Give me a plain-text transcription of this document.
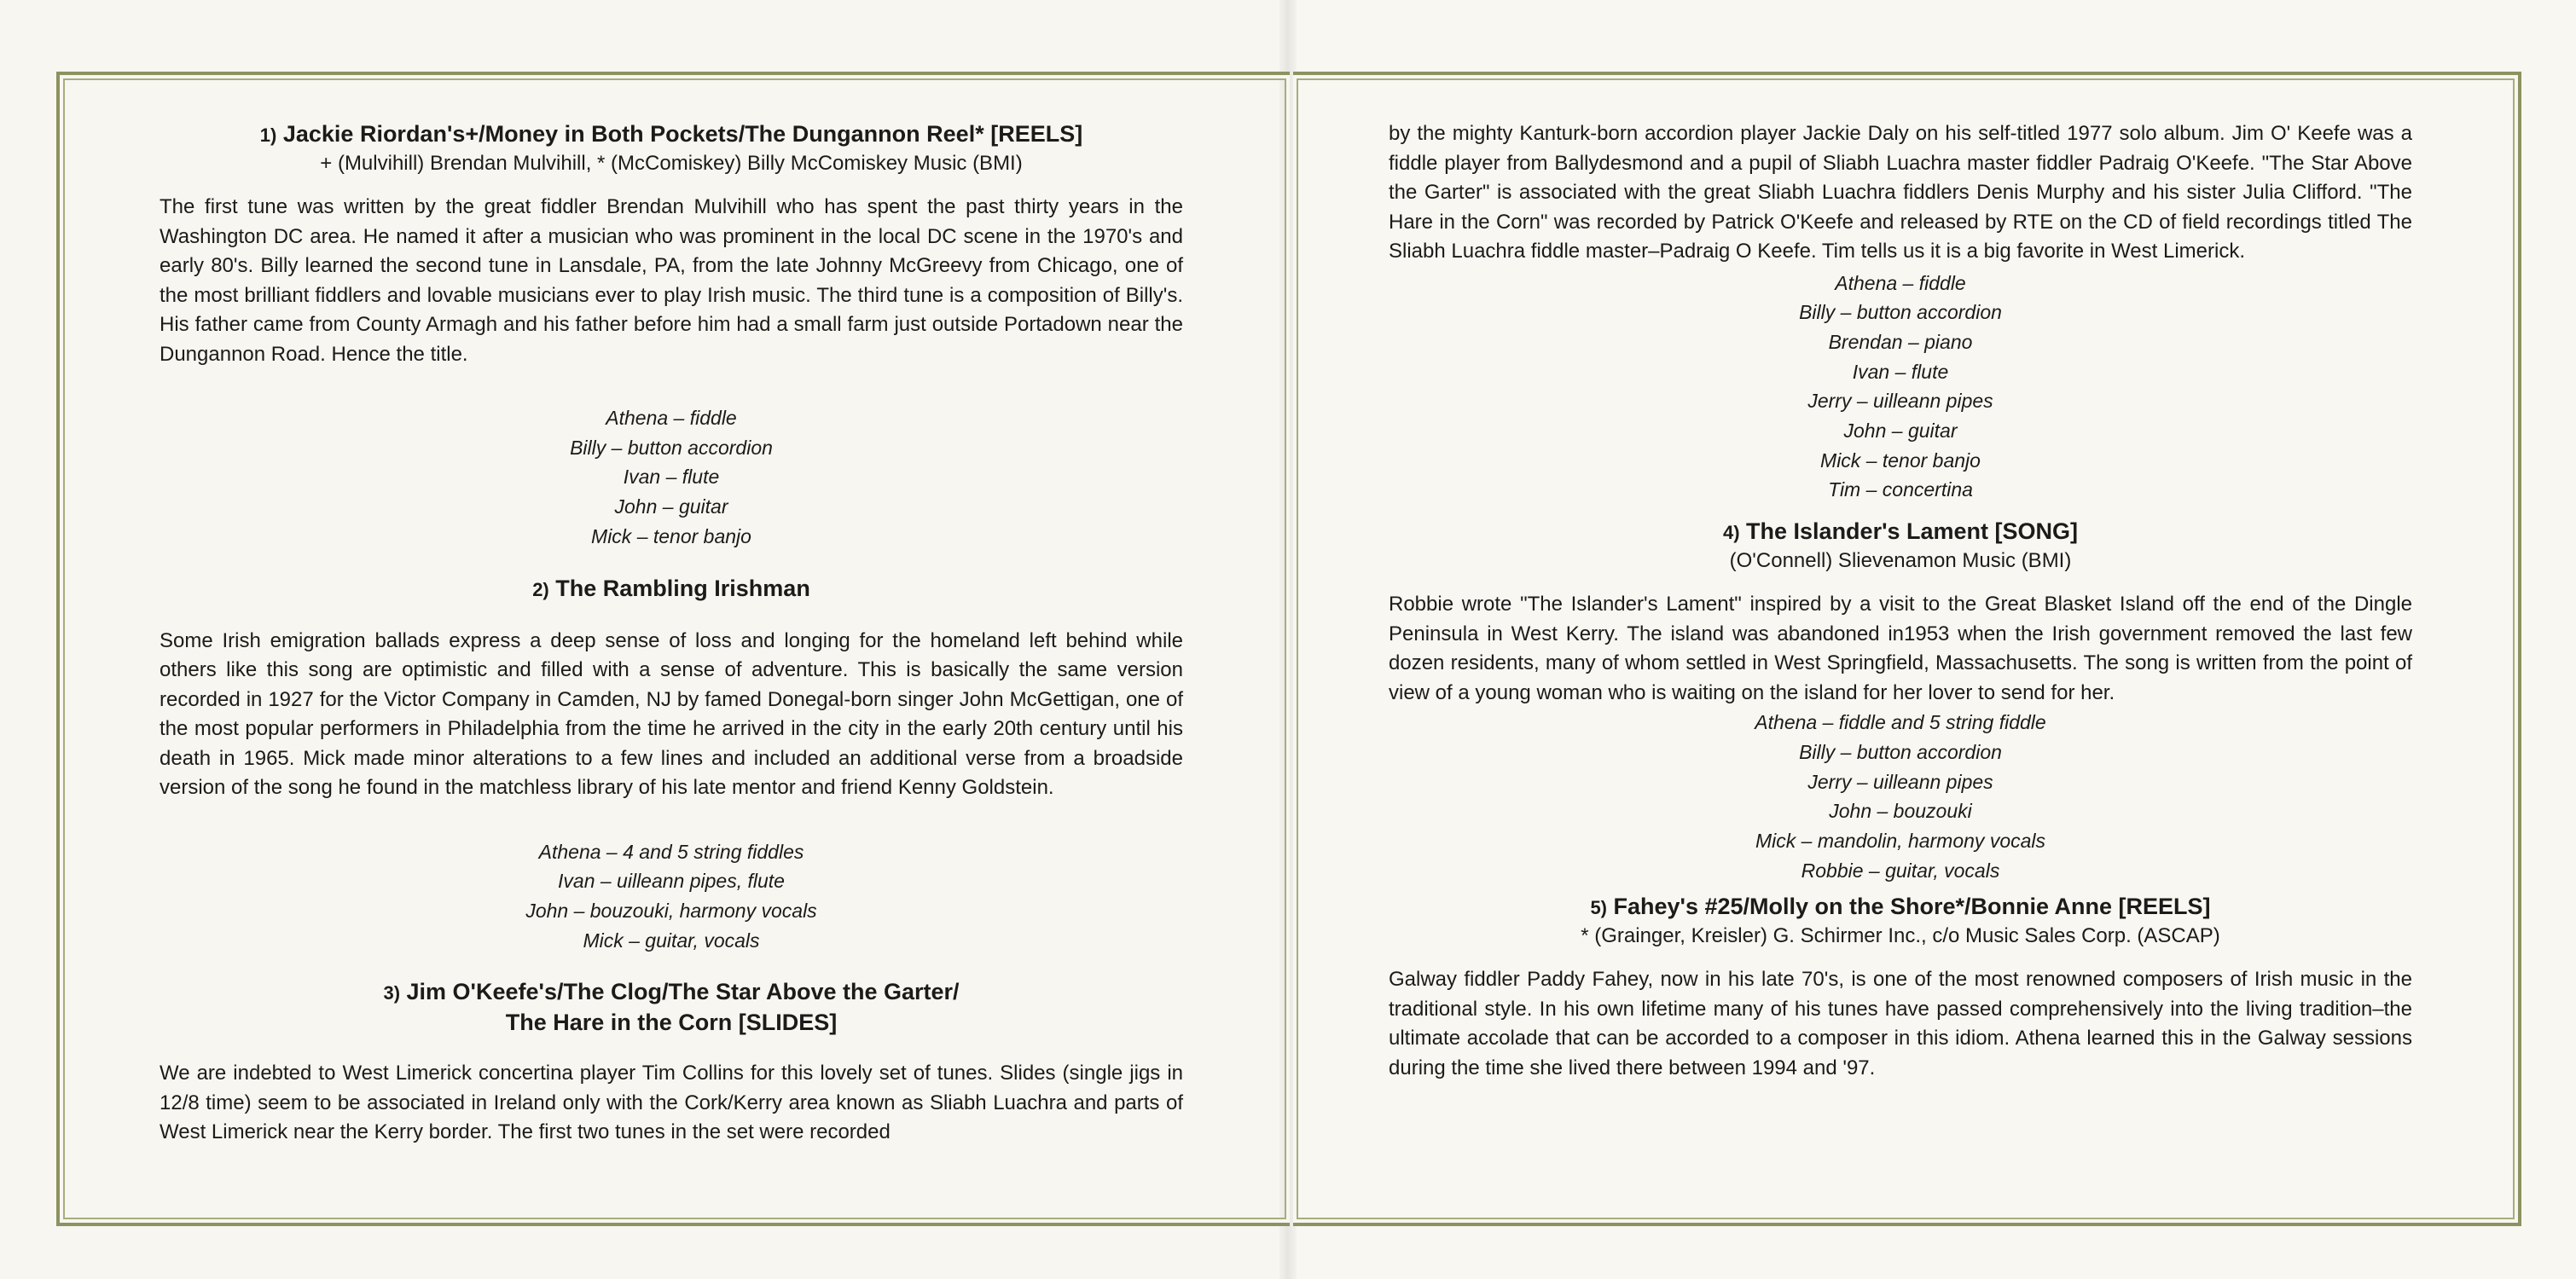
1) Jackie Riordan's+/Money in Both Pockets/The Dungannon Reel* [REELS]

+ (Mulvihill) Brendan Mulvihill, * (McComiskey) Billy McComiskey Music (BMI)

The first tune was written by the great fiddler Brendan Mulvihill who has spent the past thirty years in the Washington DC area. He named it after a musician who was prominent in the local DC scene in the 1970's and early 80's. Billy learned the second tune in Lansdale, PA, from the late Johnny McGreevy from Chicago, one of the most brilliant fiddlers and lovable musicians ever to play Irish music. The third tune is a composition of Billy's. His father came from County Armagh and his father before him had a small farm just outside Portadown near the Dungannon Road. Hence the title.

Athena – fiddle

Billy – button accordion

Ivan – flute

John – guitar

Mick – tenor banjo

2) The Rambling Irishman

Some Irish emigration ballads express a deep sense of loss and longing for the homeland left behind while others like this song are optimistic and filled with a sense of adventure. This is basically the same version recorded in 1927 for the Victor Company in Camden, NJ by famed Donegal-born singer John McGettigan, one of the most popular performers in Philadelphia from the time he arrived in the city in the early 20th century until his death in 1965. Mick made minor alterations to a few lines and included an additional verse from a broadside version of the song he found in the matchless library of his late mentor and friend Kenny Goldstein.

Athena – 4 and 5 string fiddles

Ivan – uilleann pipes, flute

John – bouzouki, harmony vocals

Mick – guitar, vocals

3) Jim O'Keefe's/The Clog/The Star Above the Garter/

The Hare in the Corn [SLIDES]

We are indebted to West Limerick concertina player Tim Collins for this lovely set of tunes. Slides (single jigs in 12/8 time) seem to be associated in Ireland only with the Cork/Kerry area known as Sliabh Luachra and parts of West Limerick near the Kerry border. The first two tunes in the set were recorded

by the mighty Kanturk-born accordion player Jackie Daly on his self-titled 1977 solo album. Jim O' Keefe was a fiddle player from Ballydesmond and a pupil of Sliabh Luachra master fiddler Padraig O'Keefe. "The Star Above the Garter" is associated with the great Sliabh Luachra fiddlers Denis Murphy and his sister Julia Clifford. "The Hare in the Corn" was recorded by Patrick O'Keefe and released by RTE on the CD of field recordings titled The Sliabh Luachra fiddle master–Padraig O Keefe. Tim tells us it is a big favorite in West Limerick.

Athena – fiddle

Billy – button accordion

Brendan – piano

Ivan – flute

Jerry – uilleann pipes

John – guitar

Mick – tenor banjo

Tim – concertina

4) The Islander's Lament [SONG]

(O'Connell) Slievenamon Music (BMI)

Robbie wrote "The Islander's Lament" inspired by a visit to the Great Blasket Island off the end of the Dingle Peninsula in West Kerry. The island was abandoned in1953 when the Irish government removed the last few dozen residents, many of whom settled in West Springfield, Massachusetts. The song is written from the point of view of a young woman who is waiting on the island for her lover to send for her.

Athena – fiddle and 5 string fiddle

Billy – button accordion

Jerry – uilleann pipes

John – bouzouki

Mick – mandolin, harmony vocals

Robbie – guitar, vocals

5) Fahey's #25/Molly on the Shore*/Bonnie Anne [REELS]

* (Grainger, Kreisler) G. Schirmer Inc., c/o Music Sales Corp. (ASCAP)

Galway fiddler Paddy Fahey, now in his late 70's, is one of the most renowned composers of Irish music in the traditional style. In his own lifetime many of his tunes have passed comprehensively into the living tradition–the ultimate accolade that can be accorded to a composer in this idiom. Athena learned this in the Galway sessions during the time she lived there between 1994 and '97.
